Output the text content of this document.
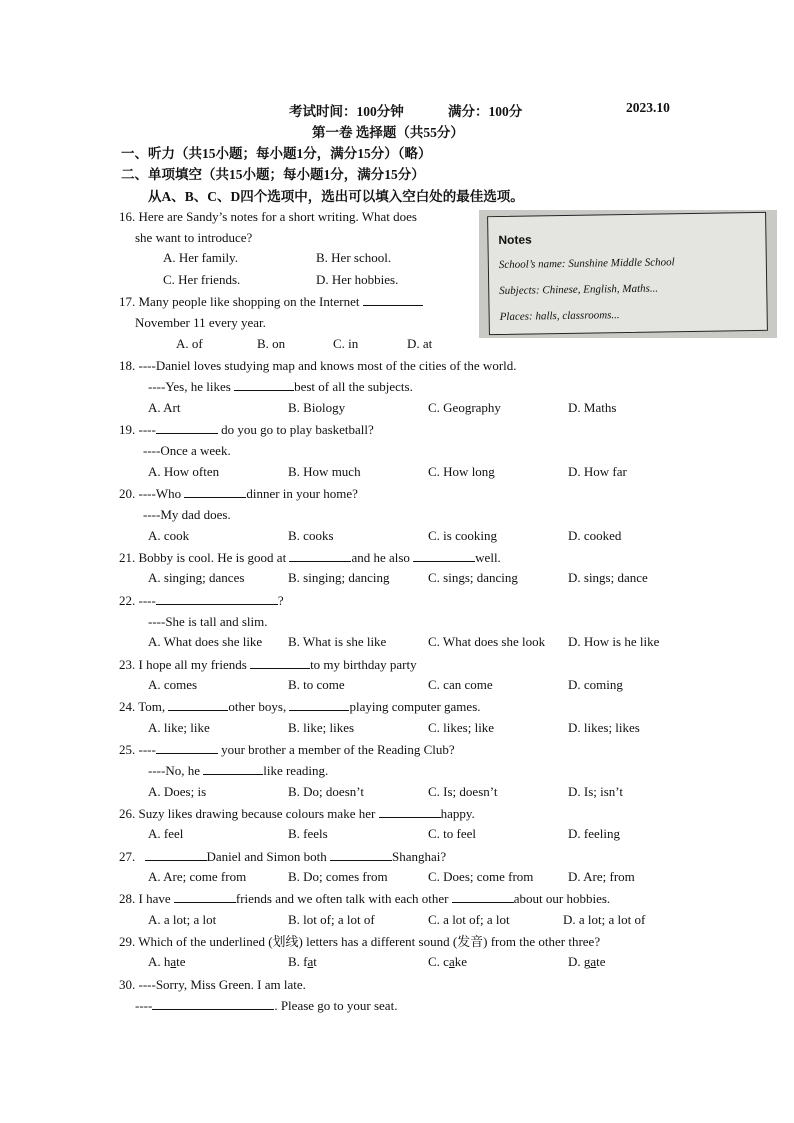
考试时间：100分钟	满分：100分	2023.10
第一卷 选择题（共55分）
一、听力（共15小题；每小题1分，满分15分）（略）
二、单项填空（共15小题；每小题1分，满分15分）
从A、B、C、D四个选项中，选出可以填入空白处的最佳选项。
Notes
School’s name: Sunshine Middle School
Subjects: Chinese, English, Maths...
Places: halls, classrooms...
16. Here are Sandy’s notes for a short writing. What does
she want to introduce?
A. Her family.	B. Her school.
C. Her friends.	D. Her hobbies.
17. Many people like shopping on the Internet
November 11 every year.
A. of	B. on	C. in	D. at
18. ----Daniel loves studying map and knows most of the cities of the world.
----Yes, he likes	best of all the subjects.
A. Art	B. Biology	C. Geography	D. Maths
19. ----	do you go to play basketball?
----Once a week.
A. How often	B. How much	C. How long	D. How far
20. ----Who	dinner in your home?
----My dad does.
A. cook	B. cooks	C. is cooking	D. cooked
21. Bobby is cool. He is good at	and he also	well.
A. singing; dances	B. singing; dancing	C. sings; dancing	D. sings; dance
22. ----	?
----She is tall and slim.
A. What does she like B. What is she like	C. What does she look D. How is he like
23. I hope all my friends	to my birthday party
A. comes	B. to come	C. can come	D. coming
24. Tom,	other boys,	playing computer games.
A. like; like	B. like; likes	C. likes; like	D. likes; likes
25. ----	your brother a member of the Reading Club?
----No, he	like reading.
A. Does; is	B. Do; doesn’t	C. Is; doesn’t	D. Is; isn’t
26. Suzy likes drawing because colours make her	happy.
A. feel	B. feels	C. to feel	D. feeling
27.	Daniel and Simon both	Shanghai?
A. Are; come from	B. Do; comes from	C. Does; come from	D. Are; from
28. I have	friends and we often talk with each other	about our hobbies.
A. a lot; a lot	B. lot of; a lot of	C. a lot of; a lot	D. a lot; a lot of
29. Which of the underlined (划线) letters has a different sound (发音) from the other three?
A. hate	B. fat	C. cake	D. gate
30. ----Sorry, Miss Green. I am late.
----	. Please go to your seat.
